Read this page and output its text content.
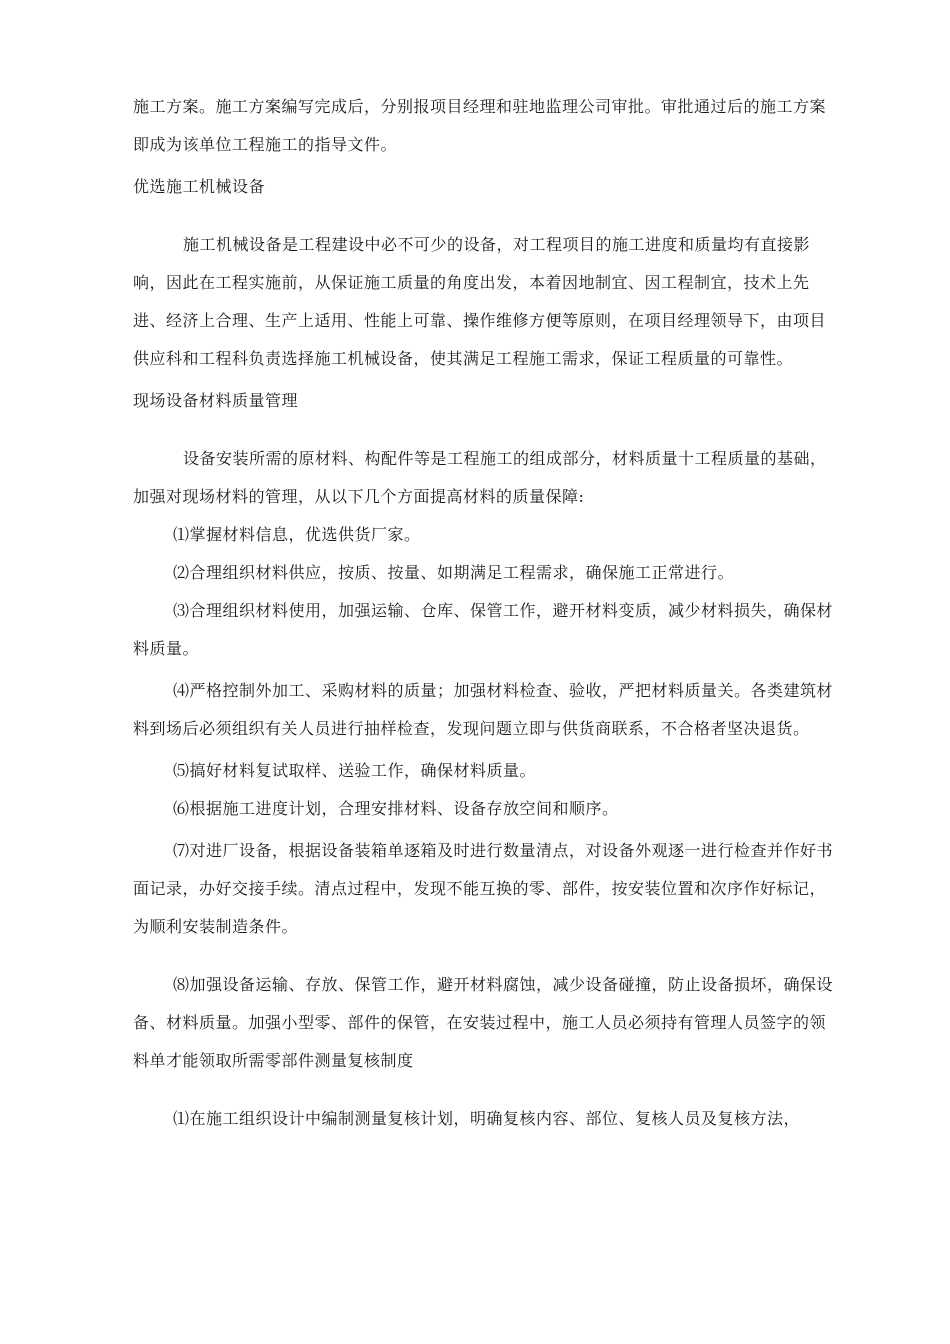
施工方案。施工方案编写完成后，分别报项目经理和驻地监理公司审批。审批通过后的施工方案即成为该单位工程施工的指导文件。

优选施工机械设备

施工机械设备是工程建设中必不可少的设备，对工程项目的施工进度和质量均有直接影响，因此在工程实施前，从保证施工质量的角度出发，本着因地制宜、因工程制宜，技术上先进、经济上合理、生产上适用、性能上可靠、操作维修方便等原则，在项目经理领导下，由项目供应科和工程科负责选择施工机械设备，使其满足工程施工需求，保证工程质量的可靠性。

现场设备材料质量管理

设备安装所需的原材料、构配件等是工程施工的组成部分，材料质量十工程质量的基础，加强对现场材料的管理，从以下几个方面提高材料的质量保障:

⑴掌握材料信息，优选供货厂家。

⑵合理组织材料供应，按质、按量、如期满足工程需求，确保施工正常进行。

⑶合理组织材料使用，加强运输、仓库、保管工作，避开材料变质，减少材料损失，确保材料质量。

⑷严格控制外加工、采购材料的质量；加强材料检查、验收，严把材料质量关。各类建筑材料到场后必须组织有关人员进行抽样检查，发现问题立即与供货商联系，不合格者坚决退货。

⑸搞好材料复试取样、送验工作，确保材料质量。

⑹根据施工进度计划，合理安排材料、设备存放空间和顺序。

⑺对进厂设备，根据设备装箱单逐箱及时进行数量清点，对设备外观逐一进行检查并作好书面记录，办好交接手续。清点过程中，发现不能互换的零、部件，按安装位置和次序作好标记，为顺利安装制造条件。

⑻加强设备运输、存放、保管工作，避开材料腐蚀，减少设备碰撞，防止设备损坏，确保设备、材料质量。加强小型零、部件的保管，在安装过程中，施工人员必须持有管理人员签字的领料单才能领取所需零部件测量复核制度

⑴在施工组织设计中编制测量复核计划，明确复核内容、部位、复核人员及复核方法，
